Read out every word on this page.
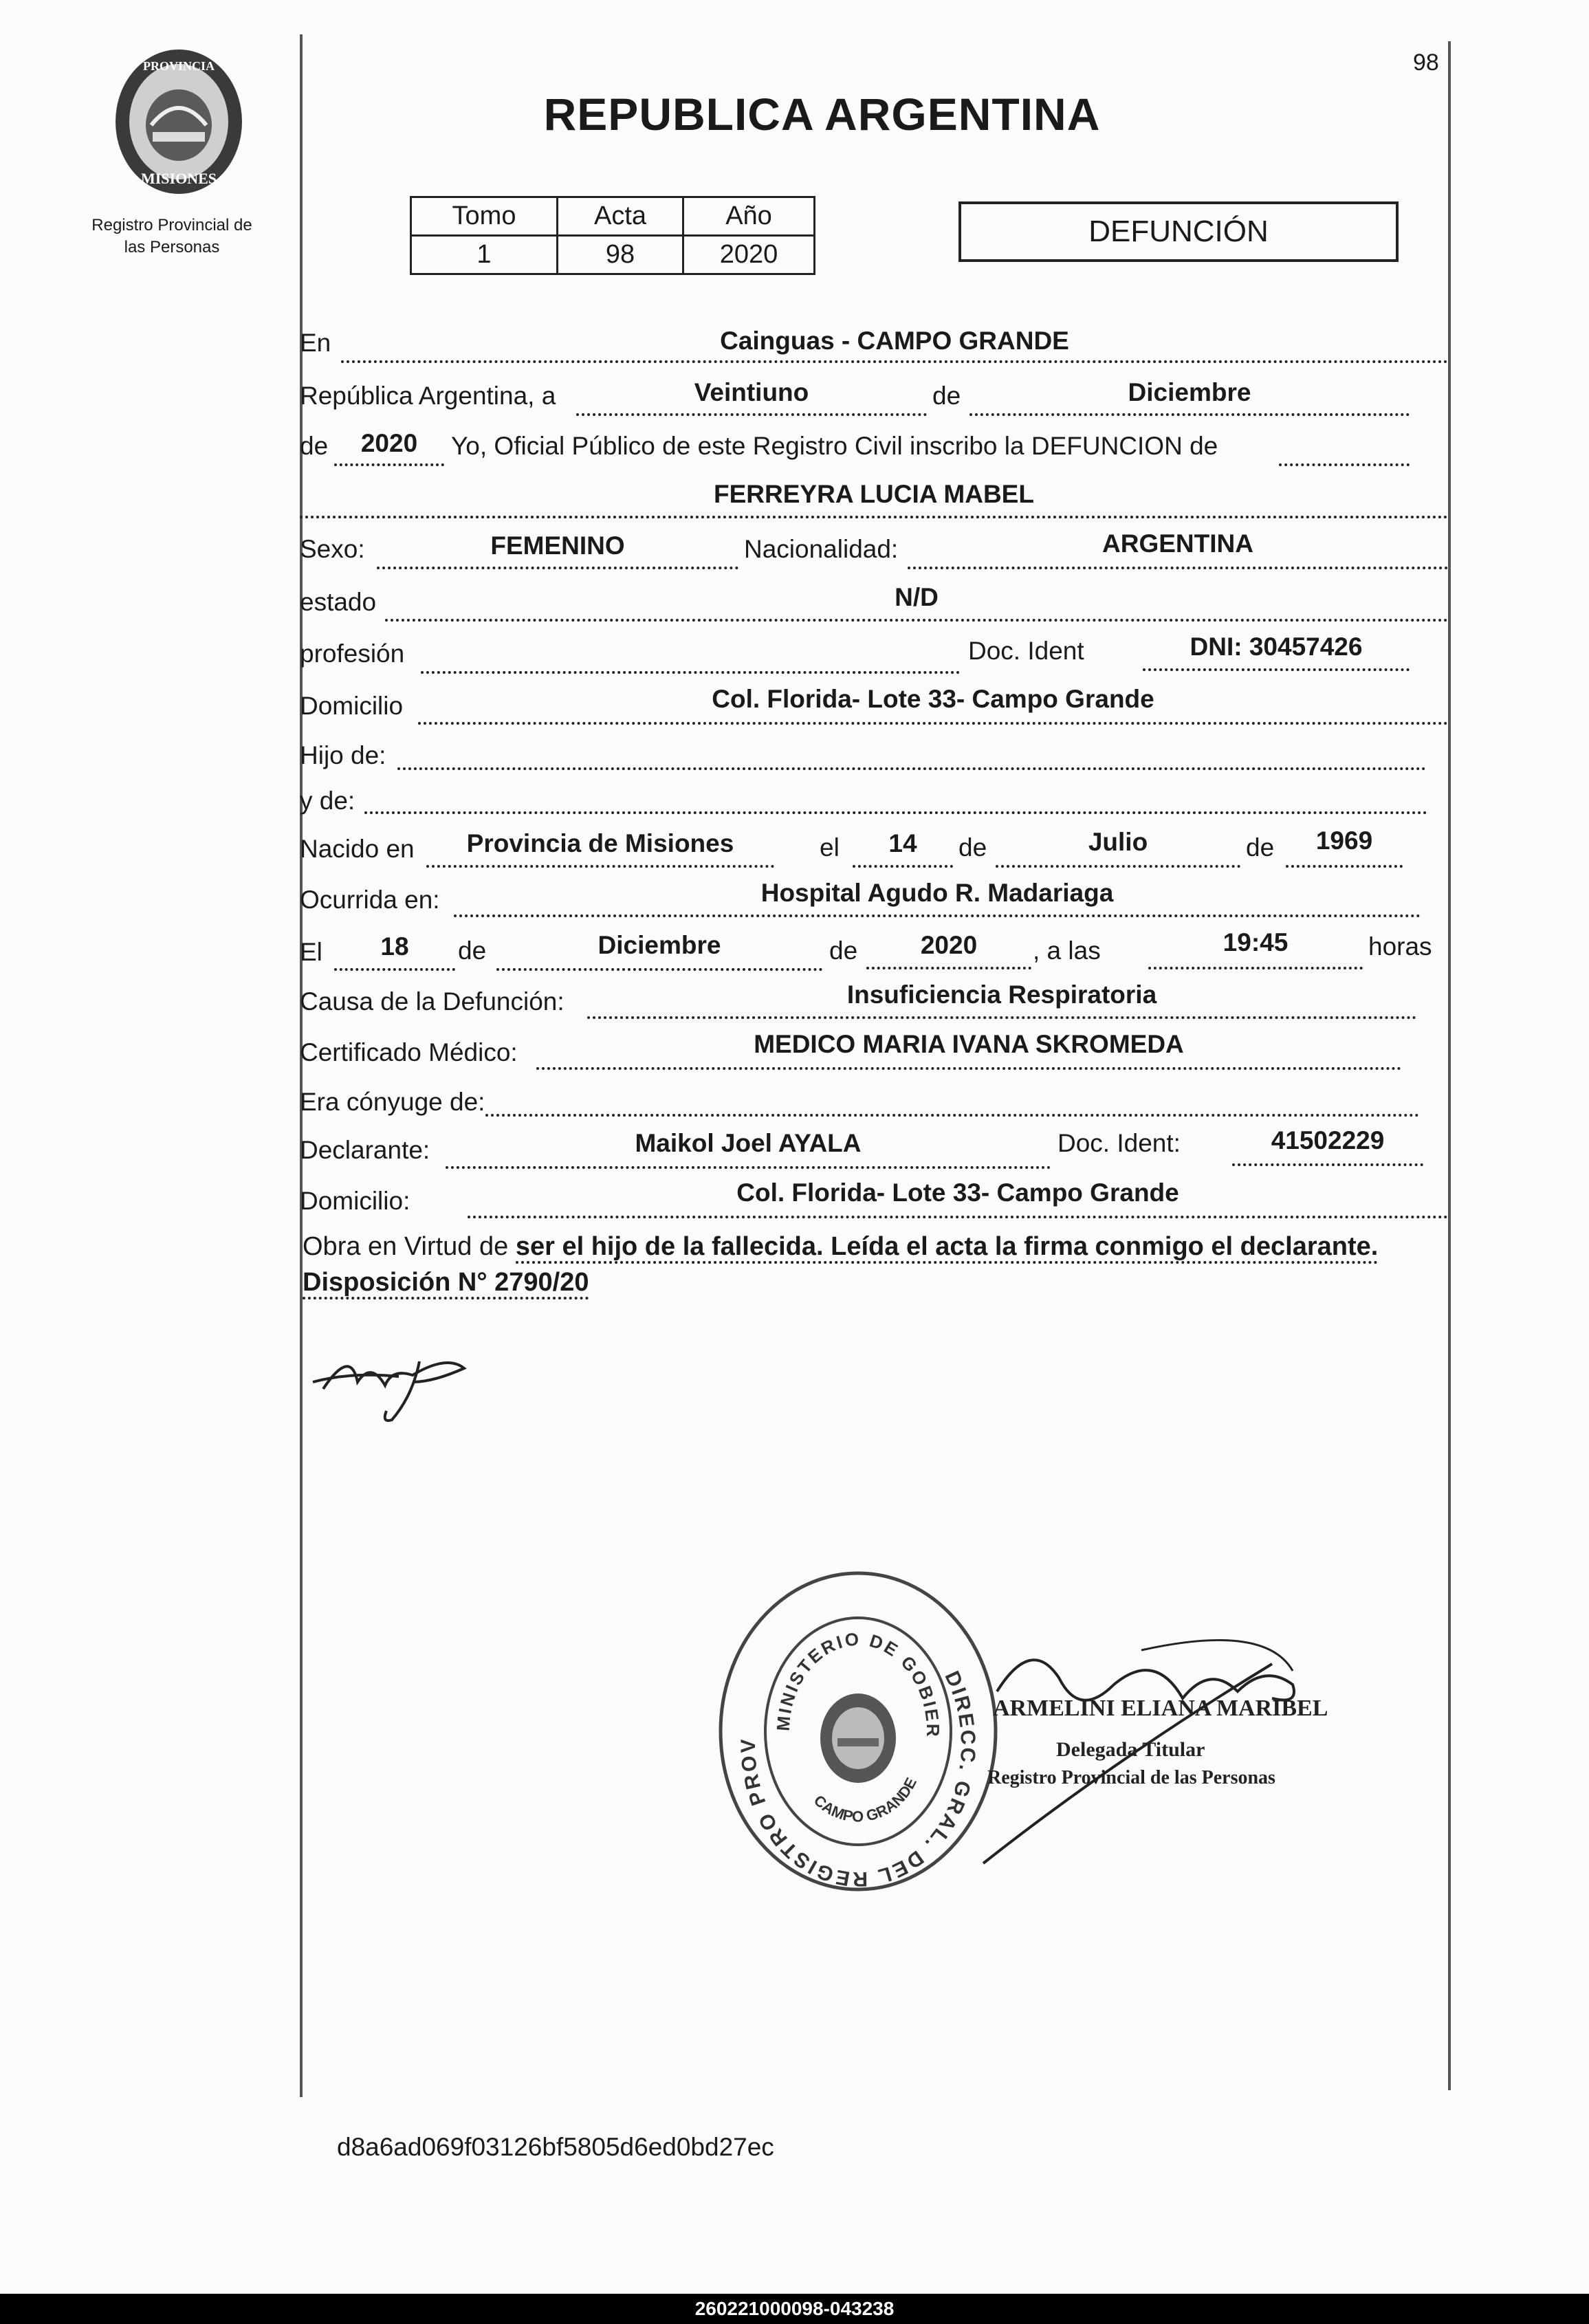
98
PROVINCIA
MISIONES
Registro Provincial de
las Personas
REPUBLICA ARGENTINA
Tomo	Acta	Año
1	98	2020
DEFUNCIÓN
En	Cainguas - CAMPO GRANDE
República Argentina, a	Veintiuno	de	Diciembre
de	2020	Yo, Oficial Público de este Registro Civil inscribo la DEFUNCION de
FERREYRA LUCIA MABEL
Sexo:	FEMENINO	Nacionalidad:	ARGENTINA
estado	N/D
profesión	Doc. Ident	DNI: 30457426
Domicilio	Col. Florida- Lote 33- Campo Grande
Hijo de:
y de:
Nacido en	Provincia de Misiones	el	14	de	Julio	de	1969
Ocurrida en:	Hospital Agudo R. Madariaga
El	18	de	Diciembre	de	2020	, a las	19:45	horas
Causa de la Defunción:	Insuficiencia Respiratoria
Certificado Médico:	MEDICO MARIA IVANA SKROMEDA
Era cónyuge de:
Declarante:	Maikol Joel AYALA	Doc. Ident:	41502229
Domicilio:	Col. Florida- Lote 33- Campo Grande
Obra en Virtud de ser el hijo de la fallecida. Leída el acta la firma conmigo el declarante.
Disposición N° 2790/20
DIRECC. GRAL. DEL REGISTRO PROV
MINISTERIO DE GOBIER
CAMPO GRANDE
ARMELINI ELIANA MARIBEL
Delegada Titular
Registro Provincial de las Personas
d8a6ad069f03126bf5805d6ed0bd27ec
260221000098-043238
